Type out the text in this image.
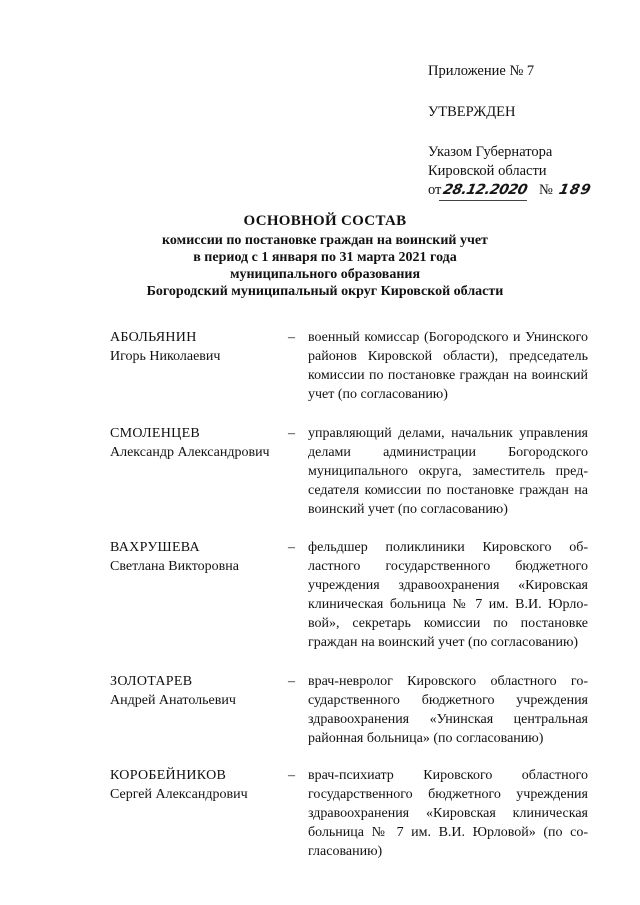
Приложение № 7
УТВЕРЖДЕН
Указом Губернатора
Кировской области
от28.12.2020 № 189
ОСНОВНОЙ СОСТАВ
комиссии по постановке граждан на воинский учет
в период с 1 января по 31 марта 2021 года
муниципального образования
Богородский муниципальный округ Кировской области
АБОЛЬЯНИН
Игорь Николаевич
– военный комиссар (Богородского и Унинского районов Кировской области), председатель комиссии по постановке граждан на воинский учет (по согласованию)
СМОЛЕНЦЕВ
Александр Александрович
– управляющий делами, начальник управления делами администрации Богородского муниципального округа, заместитель председателя комиссии по постановке граждан на воинский учет (по согласованию)
ВАХРУШЕВА
Светлана Викторовна
– фельдшер поликлиники Кировского областного государственного бюджетного учреждения здравоохранения «Кировская клиническая больница № 7 им. В.И. Юрловой», секретарь комиссии по постановке граждан на воинский учет (по согласованию)
ЗОЛОТАРЕВ
Андрей Анатольевич
– врач-невролог Кировского областного государственного бюджетного учреждения здравоохранения «Унинская центральная районная больница» (по согласованию)
КОРОБЕЙНИКОВ
Сергей Александрович
– врач-психиатр Кировского областного государственного бюджетного учреждения здравоохранения «Кировская клиническая больница № 7 им. В.И. Юрловой» (по согласованию)
